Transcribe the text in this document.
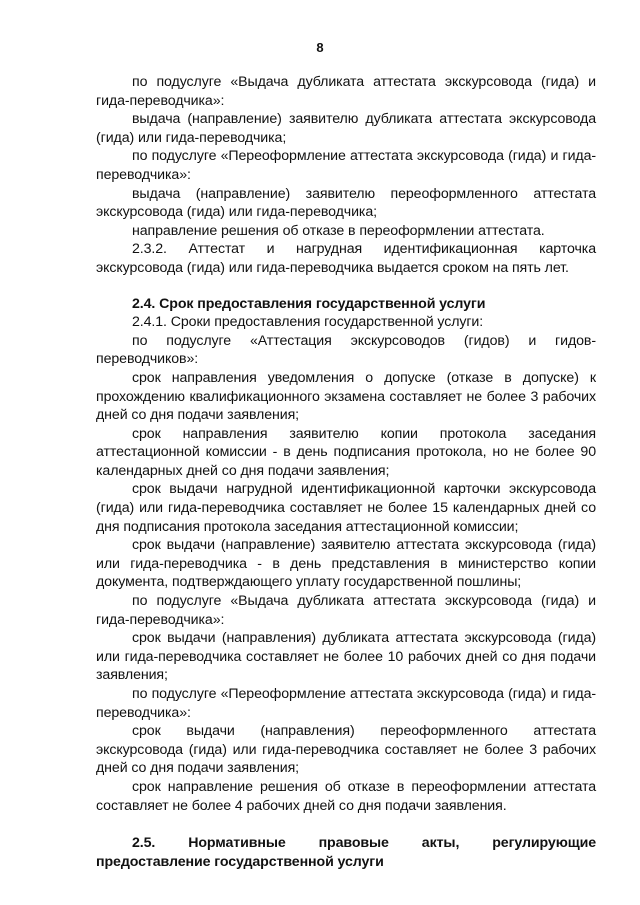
8

по подуслуге «Выдача дубликата аттестата экскурсовода (гида) и гида-переводчика»:

выдача (направление) заявителю дубликата аттестата экскурсовода (гида) или гида-переводчика;

по подуслуге «Переоформление аттестата экскурсовода (гида) и гида-переводчика»:

выдача (направление) заявителю переоформленного аттестата экскурсовода (гида) или гида-переводчика;

направление решения об отказе в переоформлении аттестата.

2.3.2. Аттестат и нагрудная идентификационная карточка экскурсовода (гида) или гида-переводчика выдается сроком на пять лет.

2.4. Срок предоставления государственной услуги

2.4.1. Сроки предоставления государственной услуги:

по подуслуге «Аттестация экскурсоводов (гидов) и гидов-переводчиков»:

срок направления уведомления о допуске (отказе в допуске) к прохождению квалификационного экзамена составляет не более 3 рабочих дней со дня подачи заявления;

срок направления заявителю копии протокола заседания аттестационной комиссии - в день подписания протокола, но не более 90 календарных дней со дня подачи заявления;

срок выдачи нагрудной идентификационной карточки экскурсовода (гида) или гида-переводчика составляет не более 15 календарных дней со дня подписания протокола заседания аттестационной комиссии;

срок выдачи (направление) заявителю аттестата экскурсовода (гида) или гида-переводчика - в день представления в министерство копии документа, подтверждающего уплату государственной пошлины;

по подуслуге «Выдача дубликата аттестата экскурсовода (гида) и гида-переводчика»:

срок выдачи (направления) дубликата аттестата экскурсовода (гида) или гида-переводчика составляет не более 10 рабочих дней со дня подачи заявления;

по подуслуге «Переоформление аттестата экскурсовода (гида) и гида-переводчика»:

срок выдачи (направления) переоформленного аттестата экскурсовода (гида) или гида-переводчика составляет не более 3 рабочих дней со дня подачи заявления;

срок направление решения об отказе в переоформлении аттестата составляет не более 4 рабочих дней со дня подачи заявления.

2.5. Нормативные правовые акты, регулирующие предоставление государственной услуги
